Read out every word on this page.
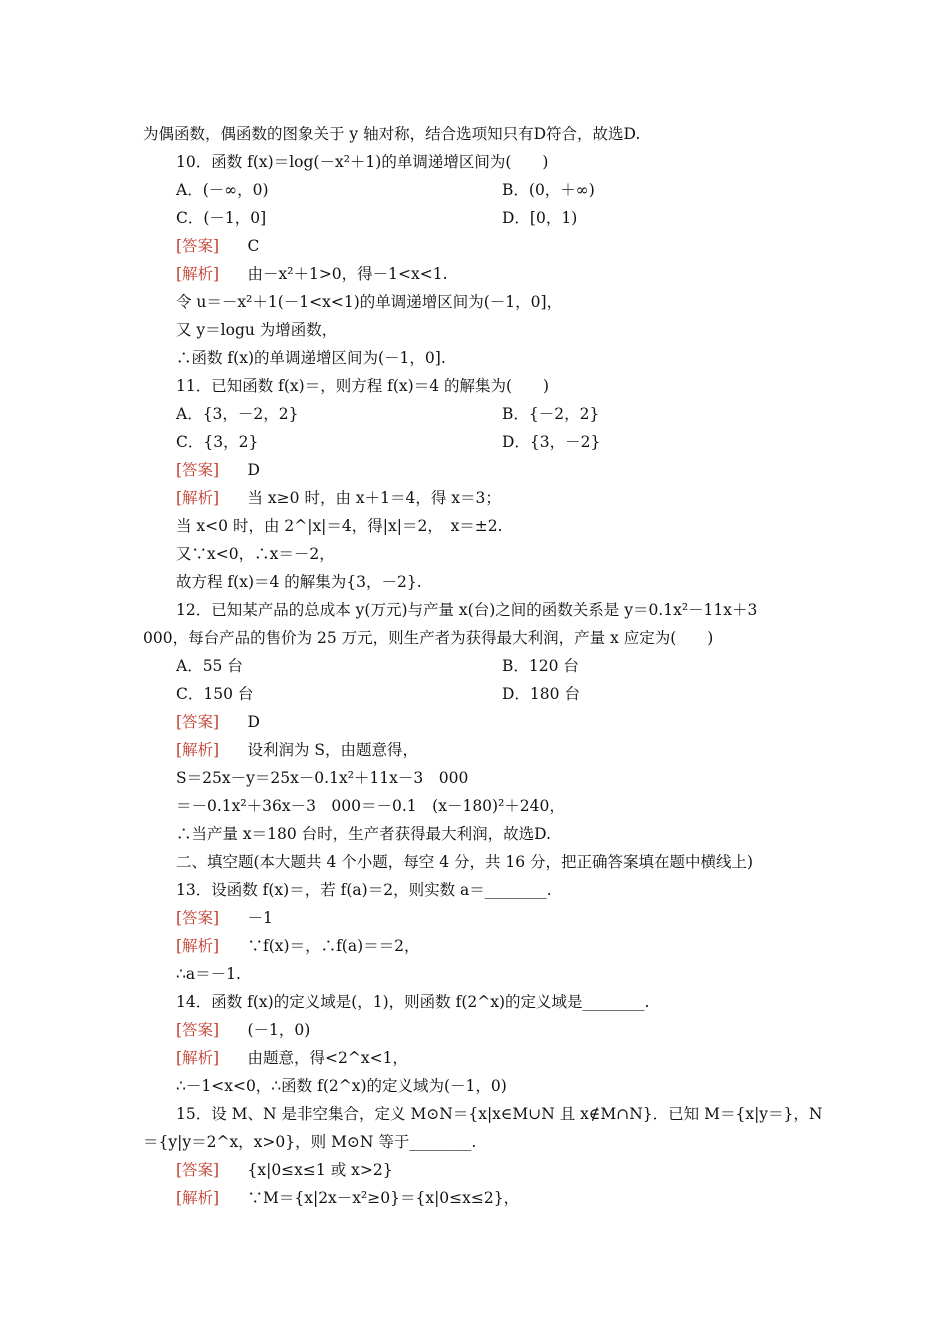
为偶函数，偶函数的图象关于 y 轴对称，结合选项知只有D符合，故选D.
10．函数 f(x)＝log(－x²＋1)的单调递增区间为(　　)
A．(－∞，0)	B．(0，＋∞)
C．(－1，0]	D．[0，1)
[答案] 　C
[解析] 　由－x²＋1>0，得－1<x<1.
令 u＝－x²＋1(－1<x<1)的单调递增区间为(－1，0]，
又 y＝logu 为增函数，
∴函数 f(x)的单调递增区间为(－1，0].
11．已知函数 f(x)＝，则方程 f(x)＝4 的解集为(　　)
A．{3，－2，2}	B．{－2，2}
C．{3，2}	D．{3，－2}
[答案] 　D
[解析] 　当 x≥0 时，由 x＋1＝4，得 x＝3；
当 x<0 时，由 2^|x|＝4，得|x|＝2，　x＝±2.
又∵x<0，∴x＝－2，
故方程 f(x)＝4 的解集为{3，－2}.
12．已知某产品的总成本 y(万元)与产量 x(台)之间的函数关系是 y＝0.1x²－11x＋3
000，每台产品的售价为 25 万元，则生产者为获得最大利润，产量 x 应定为(　　)
A．55 台	B．120 台
C．150 台	D．180 台
[答案] 　D
[解析] 　设利润为 S，由题意得，
S＝25x－y＝25x－0.1x²＋11x－3　000
＝－0.1x²＋36x－3　000＝－0.1　(x－180)²＋240，
∴当产量 x＝180 台时，生产者获得最大利润，故选D.
二、填空题(本大题共 4 个小题，每空 4 分，共 16 分，把正确答案填在题中横线上)
13．设函数 f(x)＝，若 f(a)＝2，则实数 a＝________.
[答案] 　－1
[解析] 　∵f(x)＝，∴f(a)＝＝2，
∴a＝－1.
14．函数 f(x)的定义域是(，1)，则函数 f(2^x)的定义域是________.
[答案] 　(－1，0)
[解析] 　由题意，得<2^x<1，
∴－1<x<0，∴函数 f(2^x)的定义域为(－1，0)
15．设 M、N 是非空集合，定义 M⊙N＝{x|x∈M∪N 且 x∉M∩N}．已知 M＝{x|y＝}，N
＝{y|y＝2^x，x>0}，则 M⊙N 等于________.
[答案] 　{x|0≤x≤1 或 x>2}
[解析] 　∵M＝{x|2x－x²≥0}＝{x|0≤x≤2}，
